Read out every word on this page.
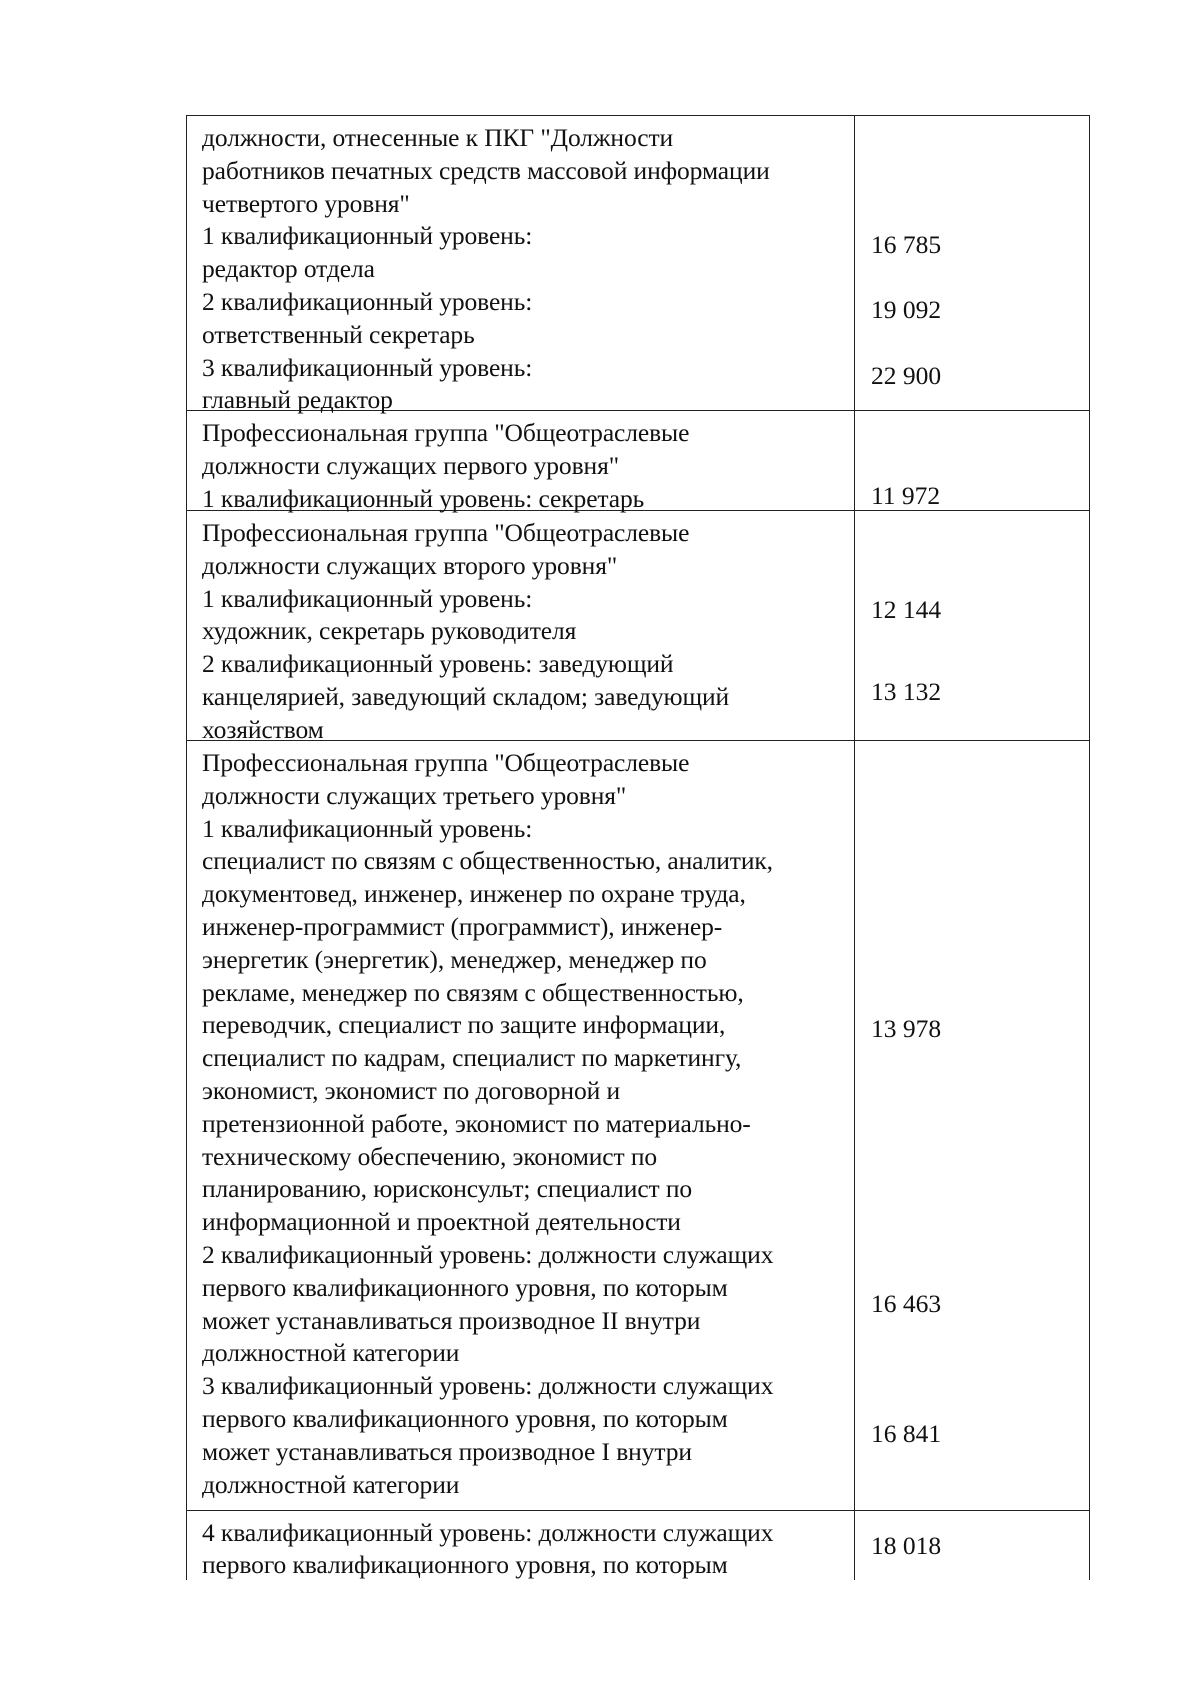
должности, отнесенные к ПКГ "Должности
работников печатных средств массовой информации
четвертого уровня"
1 квалификационный уровень:
редактор отдела
2 квалификационный уровень:
ответственный секретарь
3 квалификационный уровень:
главный редактор
16 785
19 092
22 900
Профессиональная группа "Общеотраслевые
должности служащих первого уровня"
1 квалификационный уровень: секретарь	11 972
Профессиональная группа "Общеотраслевые
должности служащих второго уровня"
1 квалификационный уровень:
художник, секретарь руководителя
2 квалификационный уровень: заведующий
канцелярией, заведующий складом; заведующий
хозяйством
12 144
13 132
Профессиональная группа "Общеотраслевые
должности служащих третьего уровня"
1 квалификационный уровень:
специалист по связям с общественностью, аналитик,
документовед, инженер, инженер по охране труда,
инженер-программист (программист), инженер-
энергетик (энергетик), менеджер, менеджер по
рекламе, менеджер по связям с общественностью,
переводчик, специалист по защите информации,
специалист по кадрам, специалист по маркетингу,
экономист, экономист по договорной и
претензионной работе, экономист по материально-
техническому обеспечению, экономист по
планированию, юрисконсульт; специалист по
информационной и проектной деятельности
2 квалификационный уровень: должности служащих
первого квалификационного уровня, по которым
может устанавливаться производное II внутри
должностной категории
3 квалификационный уровень: должности служащих
первого квалификационного уровня, по которым
может устанавливаться производное I внутри
должностной категории
13 978
16 463
16 841
4 квалификационный уровень: должности служащих
первого квалификационного уровня, по которым
18 018
